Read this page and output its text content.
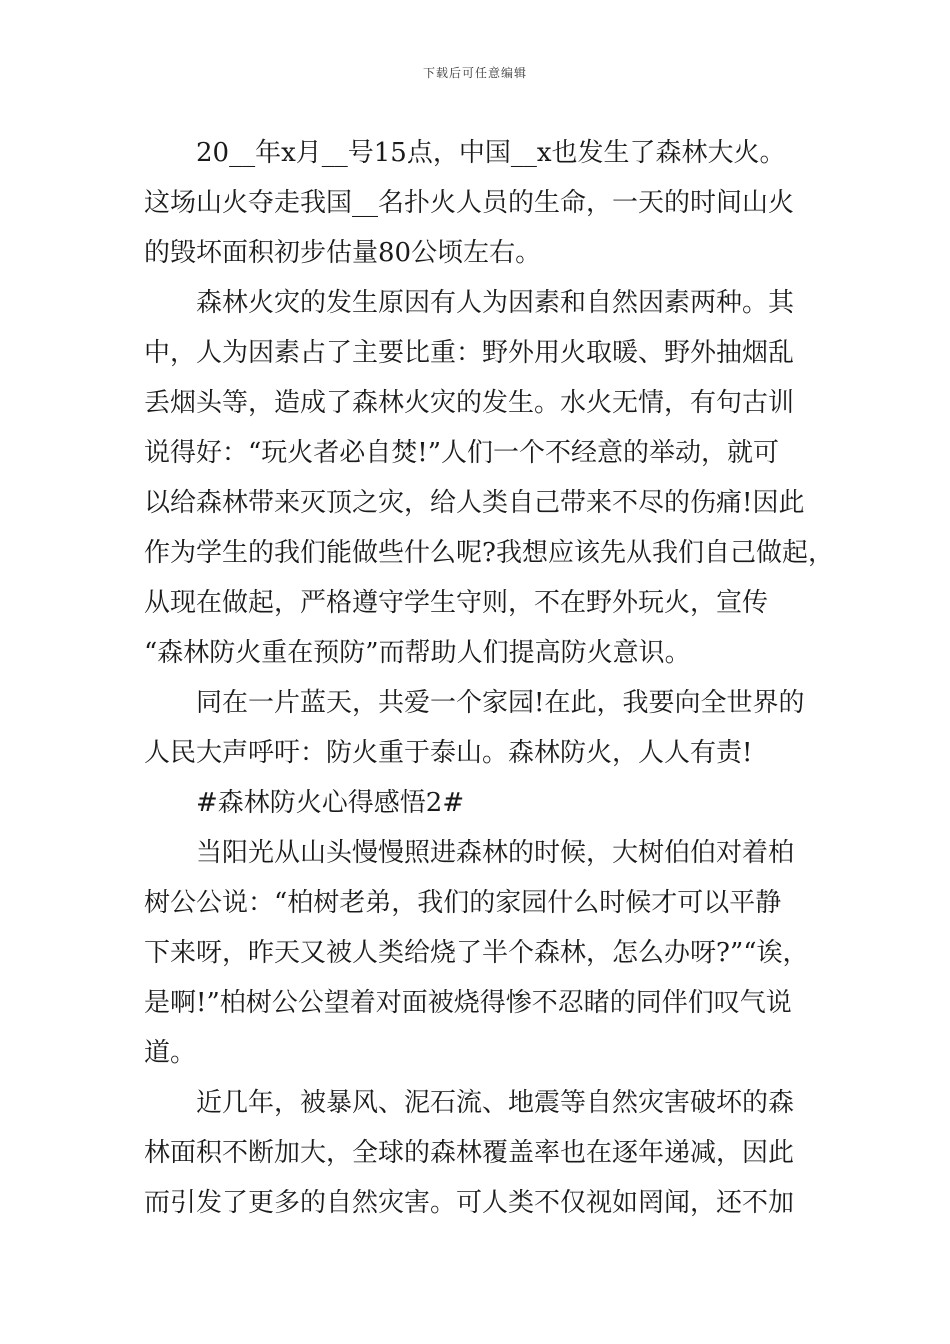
下载后可任意编辑
20__年x月__号15点，中国__x也发生了森林大火。
这场山火夺走我国__名扑火人员的生命，一天的时间山火
的毁坏面积初步估量80公顷左右。
森林火灾的发生原因有人为因素和自然因素两种。其
中，人为因素占了主要比重：野外用火取暖、野外抽烟乱
丢烟头等，造成了森林火灾的发生。水火无情，有句古训
说得好：“玩火者必自焚!”人们一个不经意的举动，就可
以给森林带来灭顶之灾，给人类自己带来不尽的伤痛!因此
作为学生的我们能做些什么呢?我想应该先从我们自己做起，
从现在做起，严格遵守学生守则，不在野外玩火，宣传
“森林防火重在预防”而帮助人们提高防火意识。
同在一片蓝天，共爱一个家园!在此，我要向全世界的
人民大声呼吁：防火重于泰山。森林防火，人人有责!
#森林防火心得感悟2#
当阳光从山头慢慢照进森林的时候，大树伯伯对着柏
树公公说：“柏树老弟，我们的家园什么时候才可以平静
下来呀，昨天又被人类给烧了半个森林，怎么办呀?”“诶，
是啊!”柏树公公望着对面被烧得惨不忍睹的同伴们叹气说
道。
近几年，被暴风、泥石流、地震等自然灾害破坏的森
林面积不断加大，全球的森林覆盖率也在逐年递减，因此
而引发了更多的自然灾害。可人类不仅视如罔闻，还不加
